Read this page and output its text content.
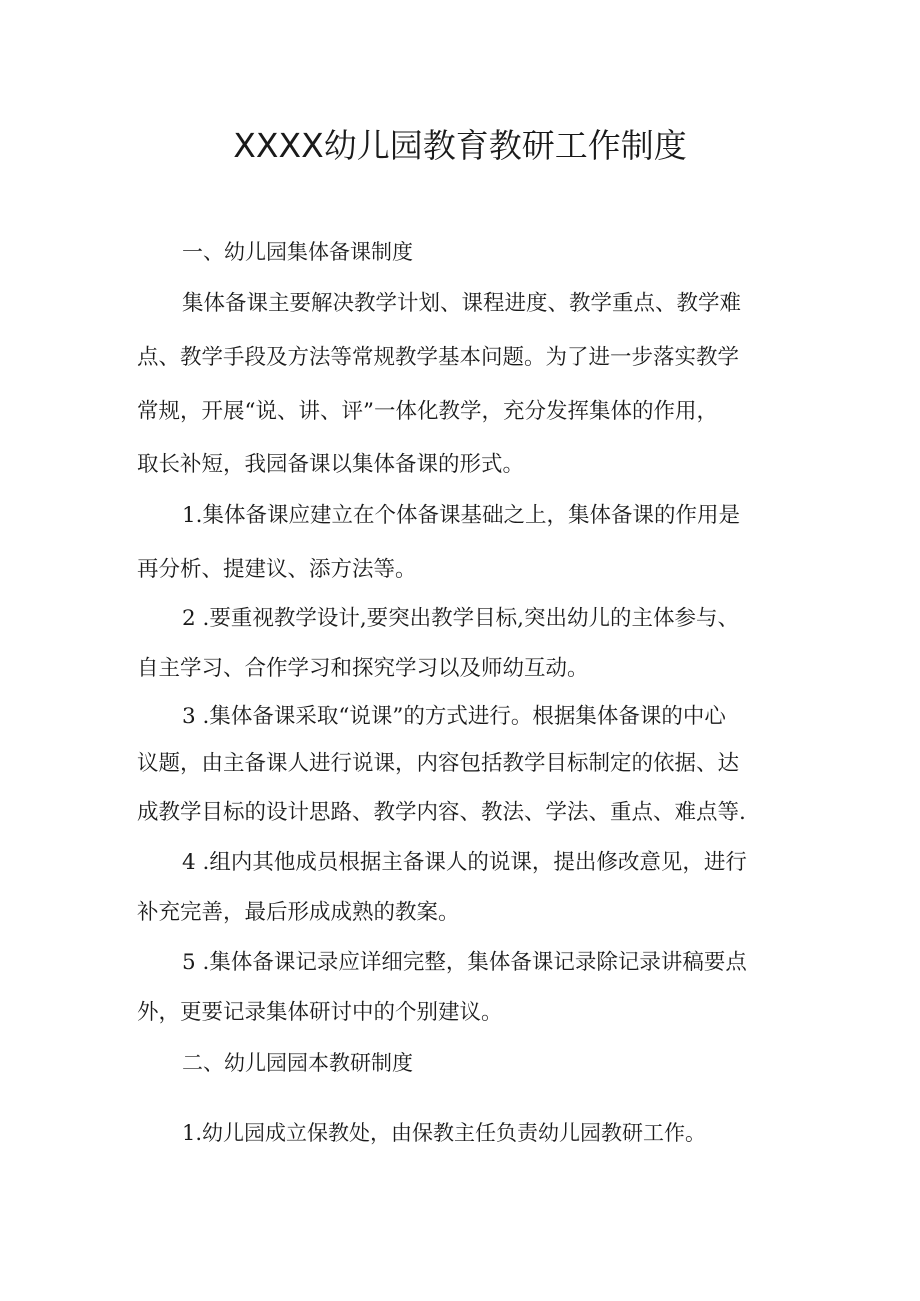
XXXX幼儿园教育教研工作制度

一、幼儿园集体备课制度

集体备课主要解决教学计划、课程进度、教学重点、教学难

点、教学手段及方法等常规教学基本问题。为了进一步落实教学

常规，开展“说、讲、评”一体化教学，充分发挥集体的作用，

取长补短，我园备课以集体备课的形式。

1.集体备课应建立在个体备课基础之上，集体备课的作用是

再分析、提建议、添方法等。

2 .要重视教学设计,要突出教学目标,突出幼儿的主体参与、

自主学习、合作学习和探究学习以及师幼互动。

3 .集体备课采取“说课”的方式进行。根据集体备课的中心

议题，由主备课人进行说课，内容包括教学目标制定的依据、达

成教学目标的设计思路、教学内容、教法、学法、重点、难点等.

4 .组内其他成员根据主备课人的说课，提出修改意见，进行

补充完善，最后形成成熟的教案。

5 .集体备课记录应详细完整，集体备课记录除记录讲稿要点

外，更要记录集体研讨中的个别建议。

二、幼儿园园本教研制度

1.幼儿园成立保教处，由保教主任负责幼儿园教研工作。
